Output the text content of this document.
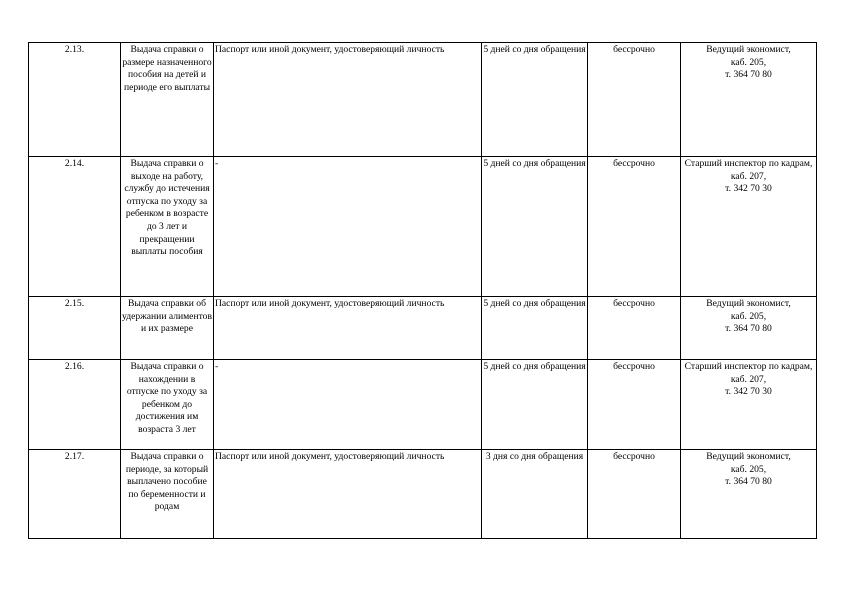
2.13.	Выдача справки о размере назначенного пособия на детей и периоде его выплаты	Паспорт или иной документ, удостоверяющий личность	5 дней со дня обращения	бессрочно	Ведущий экономист,
каб. 205,
т. 364 70 80

2.14.	Выдача справки о выходе на работу, службу до истечения отпуска по уходу за ребенком в возрасте до 3 лет и прекращении выплаты пособия	-	5 дней со дня обращения	бессрочно	Старший инспектор по кадрам,
каб. 207,
т. 342 70 30

2.15.	Выдача справки об удержании алиментов и их размере	Паспорт или иной документ, удостоверяющий личность	5 дней со дня обращения	бессрочно	Ведущий экономист,
каб. 205,
т. 364 70 80

2.16.	Выдача справки о нахождении в отпуске по уходу за ребенком до достижения им возраста 3 лет	-	5 дней со дня обращения	бессрочно	Старший инспектор по кадрам,
каб. 207,
т. 342 70 30

2.17.	Выдача справки о периоде, за который выплачено пособие по беременности и родам	Паспорт или иной документ, удостоверяющий личность	3 дня со дня обращения	бессрочно	Ведущий экономист,
каб. 205,
т. 364 70 80
